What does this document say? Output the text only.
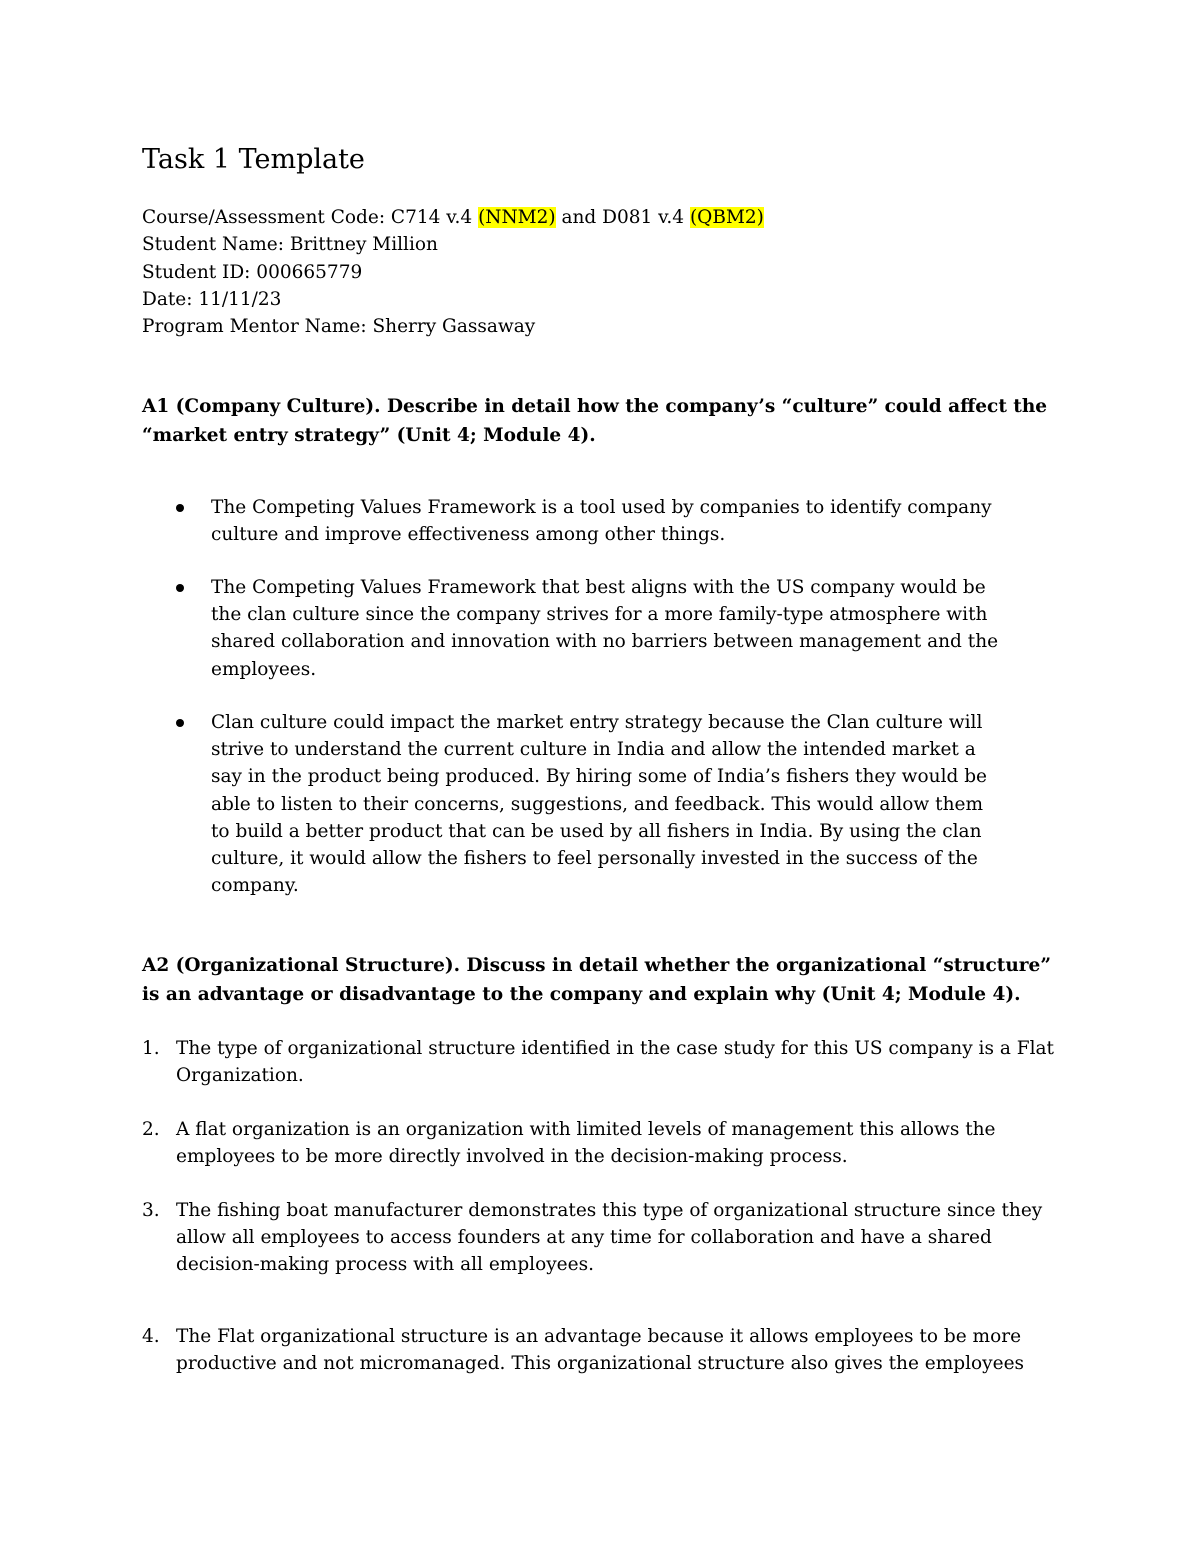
Task 1 Template
Course/Assessment Code: C714 v.4 (NNM2) and D081 v.4 (QBM2)
Student Name: Brittney Million
Student ID: 000665779
Date: 11/11/23
Program Mentor Name: Sherry Gassaway
A1 (Company Culture). Describe in detail how the company’s “culture” could affect the “market entry strategy” (Unit 4; Module 4).
The Competing Values Framework is a tool used by companies to identify company culture and improve effectiveness among other things.
The Competing Values Framework that best aligns with the US company would be the clan culture since the company strives for a more family-type atmosphere with shared collaboration and innovation with no barriers between management and the employees.
Clan culture could impact the market entry strategy because the Clan culture will strive to understand the current culture in India and allow the intended market a say in the product being produced. By hiring some of India’s fishers they would be able to listen to their concerns, suggestions, and feedback. This would allow them to build a better product that can be used by all fishers in India. By using the clan culture, it would allow the fishers to feel personally invested in the success of the company.
A2 (Organizational Structure). Discuss in detail whether the organizational “structure” is an advantage or disadvantage to the company and explain why (Unit 4; Module 4).
1. The type of organizational structure identified in the case study for this US company is a Flat Organization.
2. A flat organization is an organization with limited levels of management this allows the employees to be more directly involved in the decision-making process.
3. The fishing boat manufacturer demonstrates this type of organizational structure since they allow all employees to access founders at any time for collaboration and have a shared decision-making process with all employees.
4. The Flat organizational structure is an advantage because it allows employees to be more productive and not micromanaged. This organizational structure also gives the employees
